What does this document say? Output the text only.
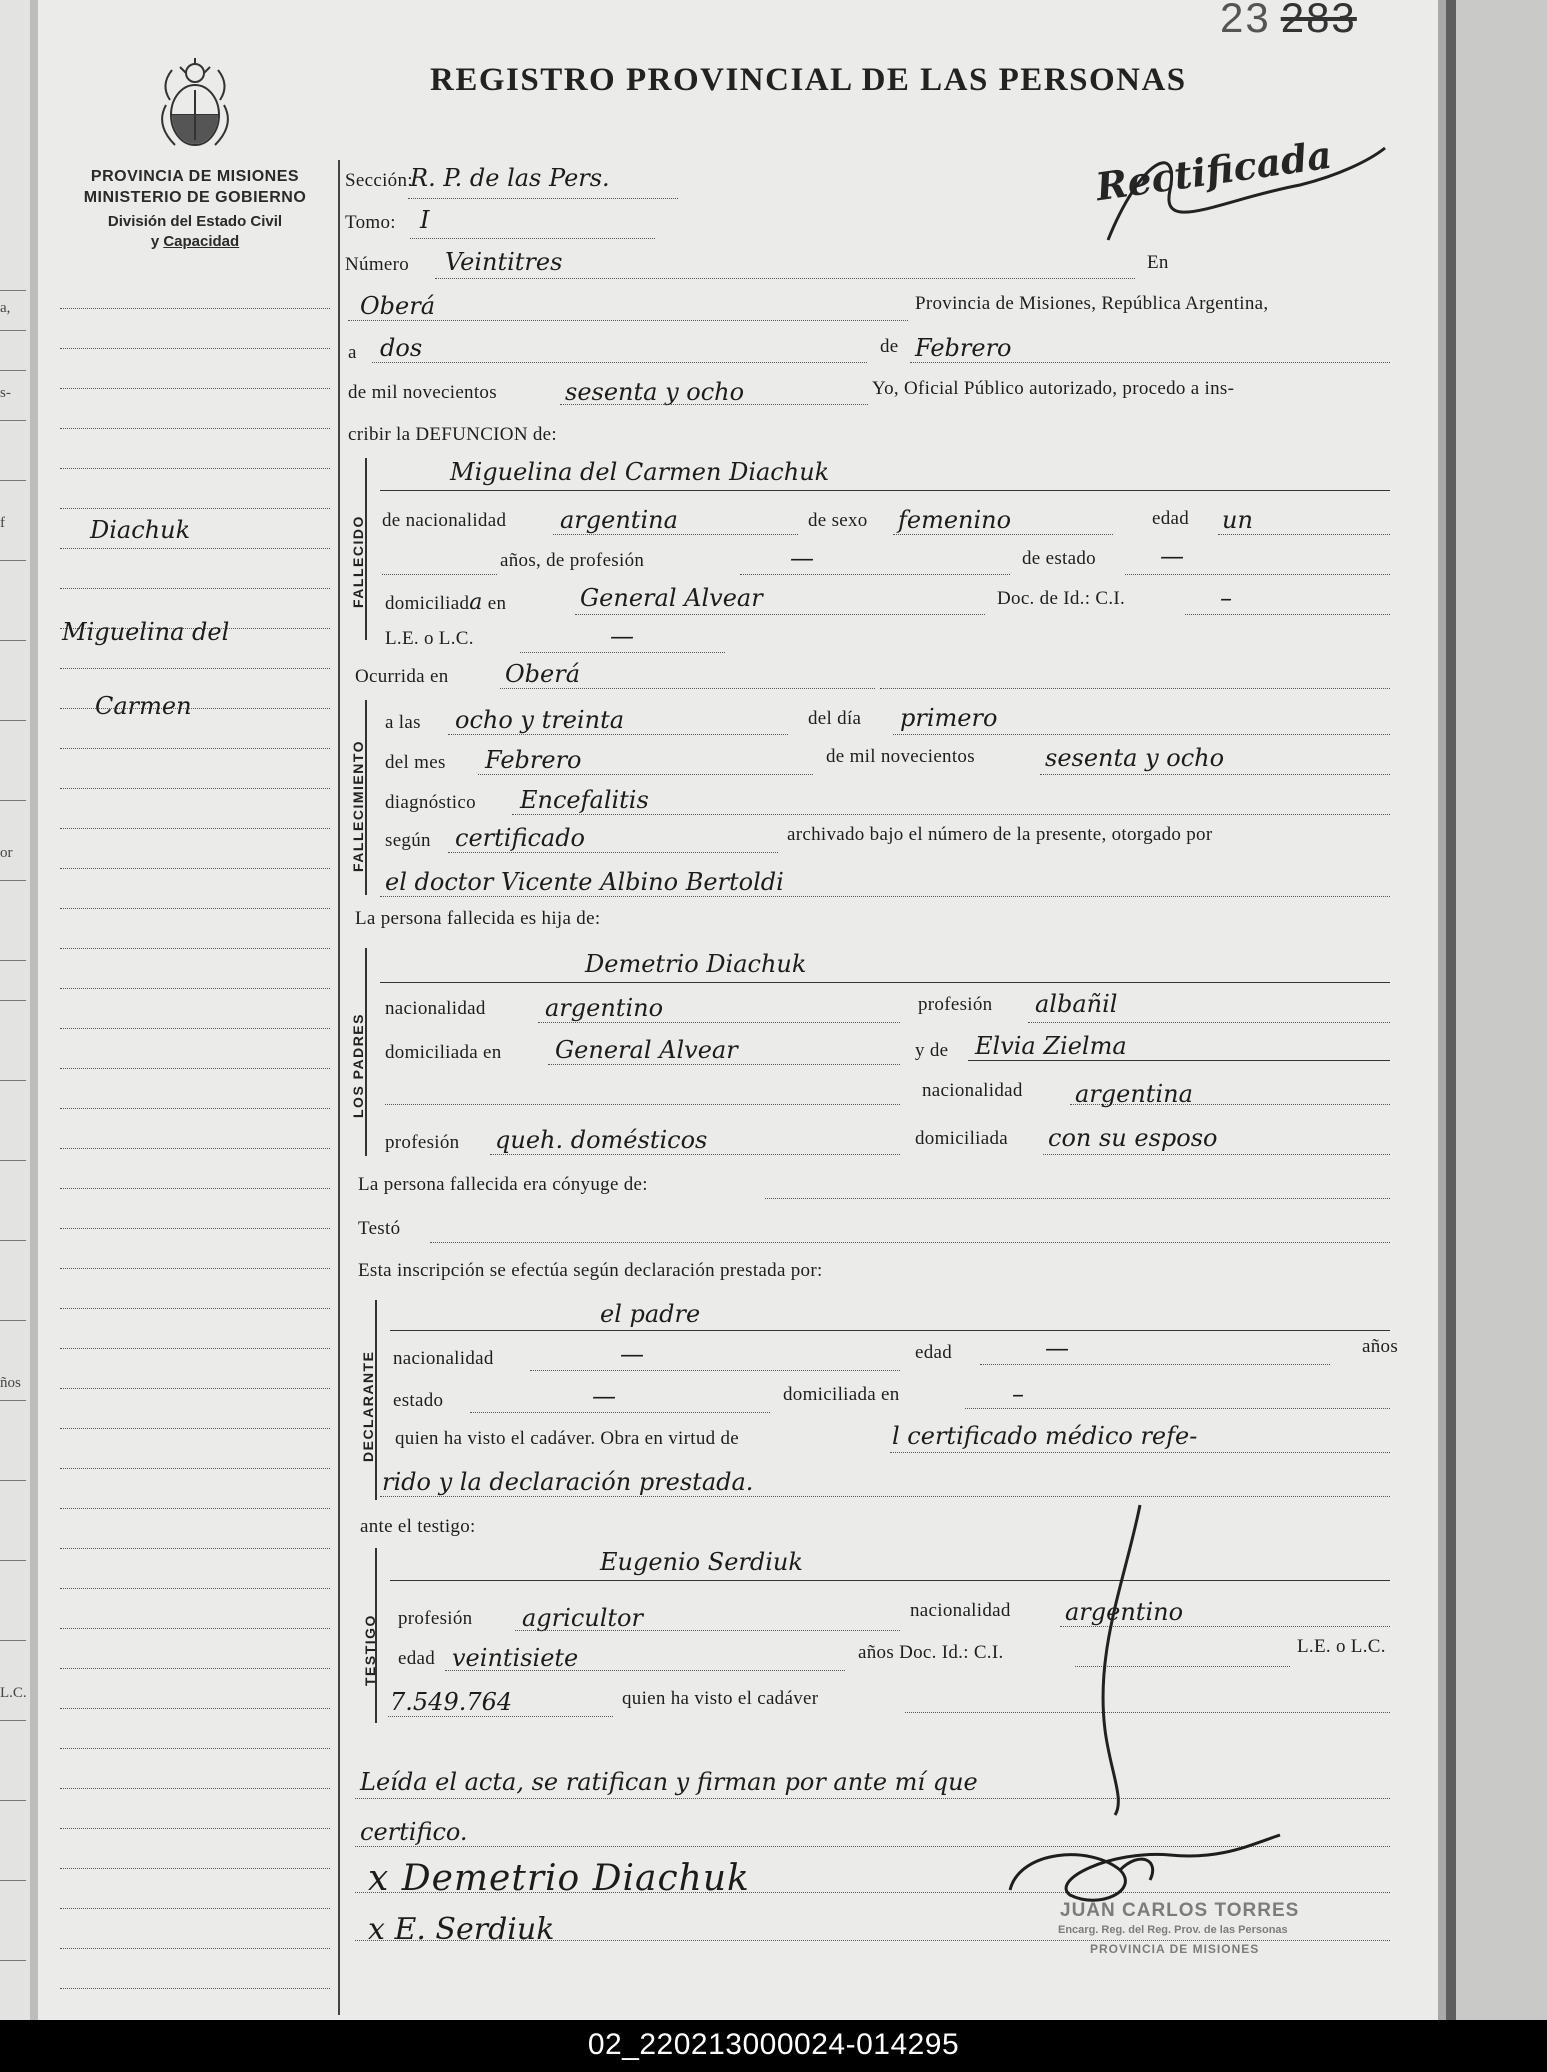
a,
s-
f
or
ños
L.C.
23 283
REGISTRO PROVINCIAL DE LAS PERSONAS
PROVINCIA DE MISIONES
MINISTERIO DE GOBIERNO
División del Estado Civil
y Capacidad
Rectificada
Diachuk
Miguelina del
Carmen
Sección:
R. P. de las Pers.
Tomo: I
Número Veintitres	En
Oberá	Provincia de Misiones, República Argentina,
a dos	de Febrero
de mil novecientos	sesenta y ocho	Yo, Oficial Público autorizado, procedo a ins-
cribir la DEFUNCION de:
FALLECIDO
Miguelina del Carmen Diachuk
de nacionalidad argentina	de sexo femenino	edad un
años, de profesión	—	de estado	—
domiciliada en	General Alvear	Doc. de Id.: C.I.	–
L.E. o L.C.	—
Ocurrida en Oberá
FALLECIMIENTO
a las ocho y treinta	del día primero
del mes Febrero	de mil novecientos	sesenta y ocho
diagnóstico Encefalitis
según certificado	archivado bajo el número de la presente, otorgado por
el doctor Vicente Albino Bertoldi
La persona fallecida es hija de:
LOS PADRES
Demetrio Diachuk
nacionalidad argentino	profesión albañil
domiciliada en General Alvear	y de Elvia Zielma
nacionalidad argentina
profesión queh. domésticos	domiciliada con su esposo
La persona fallecida era cónyuge de:
Testó
Esta inscripción se efectúa según declaración prestada por:
DECLARANTE
el padre
nacionalidad	—	edad	—	años
estado	—	domiciliada en	–
quien ha visto el cadáver. Obra en virtud de	l certificado médico refe-
rido y la declaración prestada.
ante el testigo:
TESTIGO
Eugenio Serdiuk
profesión agricultor	nacionalidad argentino
edad veintisiete	años Doc. Id.: C.I.	L.E. o L.C.
7.549.764	quien ha visto el cadáver
Leída el acta, se ratifican y firman por ante mí que
certifico.
x Demetrio Diachuk
x E. Serdiuk
JUAN CARLOS TORRES
Encarg. Reg. del Reg. Prov. de las Personas
PROVINCIA DE MISIONES
02_220213000024-014295
